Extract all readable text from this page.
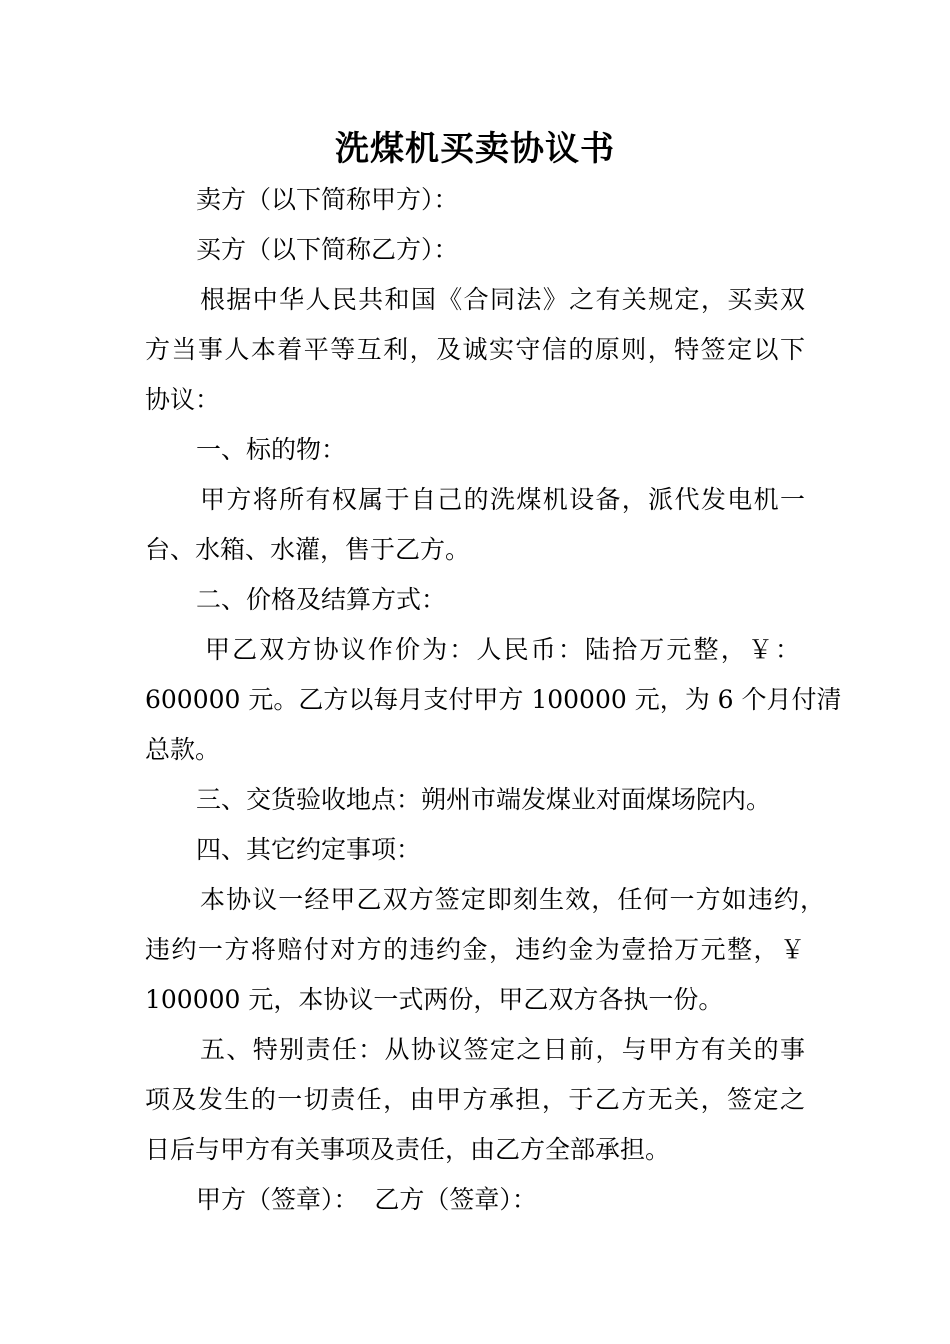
洗煤机买卖协议书
卖方（以下简称甲方）：
买方（以下简称乙方）：
根据中华人民共和国《合同法》之有关规定，买卖双
方当事人本着平等互利，及诚实守信的原则，特签定以下
协议：
一、标的物：
甲方将所有权属于自己的洗煤机设备，派代发电机一
台、水箱、水灌，售于乙方。
二、价格及结算方式：
甲乙双方协议作价为：人民币：陆拾万元整，￥：
600000 元。乙方以每月支付甲方 100000 元，为 6 个月付清
总款。
三、交货验收地点：朔州市端发煤业对面煤场院内。
四、其它约定事项：
本协议一经甲乙双方签定即刻生效，任何一方如违约，
违约一方将赔付对方的违约金，违约金为壹拾万元整，￥
100000 元，本协议一式两份，甲乙双方各执一份。
五、特别责任：从协议签定之日前，与甲方有关的事
项及发生的一切责任，由甲方承担，于乙方无关，签定之
日后与甲方有关事项及责任，由乙方全部承担。
甲方（签章）：  乙方（签章）：
